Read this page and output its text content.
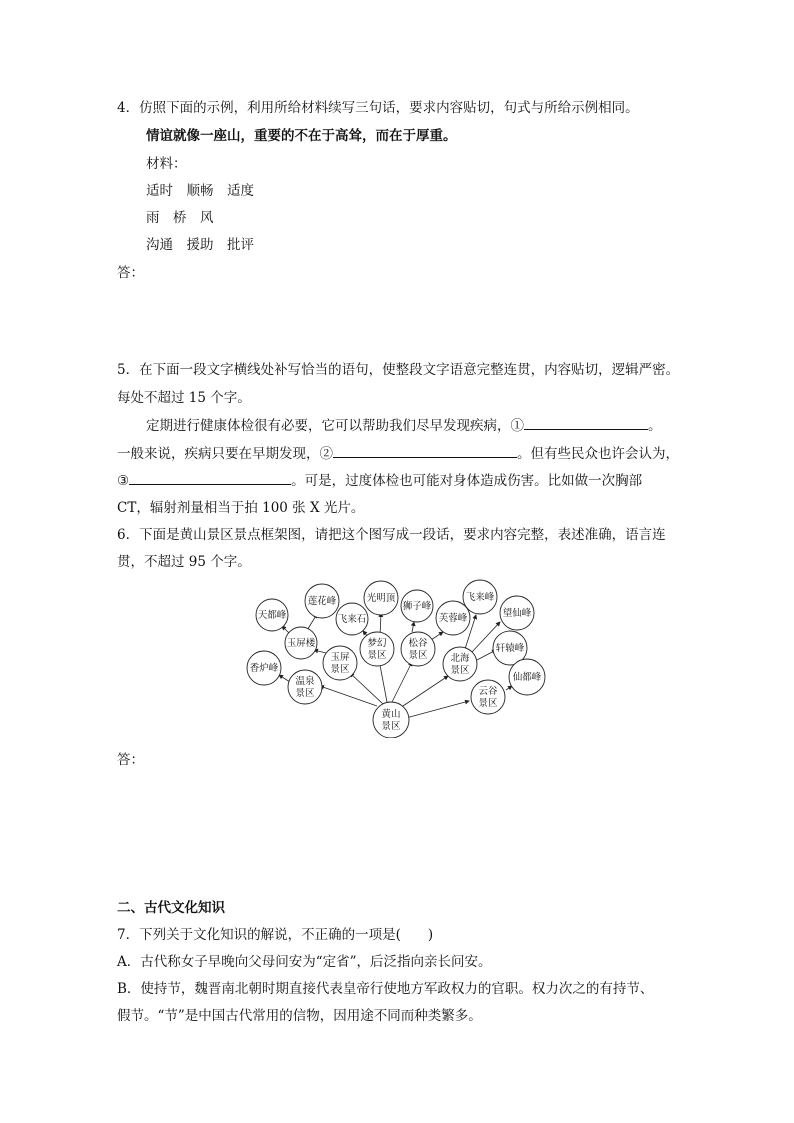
4．仿照下面的示例，利用所给材料续写三句话，要求内容贴切，句式与所给示例相同。
情谊就像一座山，重要的不在于高耸，而在于厚重。
材料：
适时　顺畅　适度
雨　桥　风
沟通　援助　批评
答：
5．在下面一段文字横线处补写恰当的语句，使整段文字语意完整连贯，内容贴切，逻辑严密。
每处不超过 15 个字。
定期进行健康体检很有必要，它可以帮助我们尽早发现疾病，①	。
一般来说，疾病只要在早期发现，②	。但有些民众也许会认为，
③	。可是，过度体检也可能对身体造成伤害。比如做一次胸部
CT，辐射剂量相当于拍 100 张 X 光片。
6．下面是黄山景区景点框架图，请把这个图写成一段话，要求内容完整，表述准确，语言连
贯，不超过 95 个字。
黄山
景区
温泉
景区
玉屏
景区
梦幻
景区
松谷
景区 北海
景区
云谷
景区
香炉峰
玉屏楼
天都峰
莲花峰
飞来石
光明顶
狮子峰
芙蓉峰
飞来峰
望仙峰
轩辕峰
仙都峰
答：
二、古代文化知识
7．下列关于文化知识的解说，不正确的一项是(　　)
A．古代称女子早晚向父母问安为“定省”，后泛指向亲长问安。
B．使持节，魏晋南北朝时期直接代表皇帝行使地方军政权力的官职。权力次之的有持节、
假节。“节”是中国古代常用的信物，因用途不同而种类繁多。
